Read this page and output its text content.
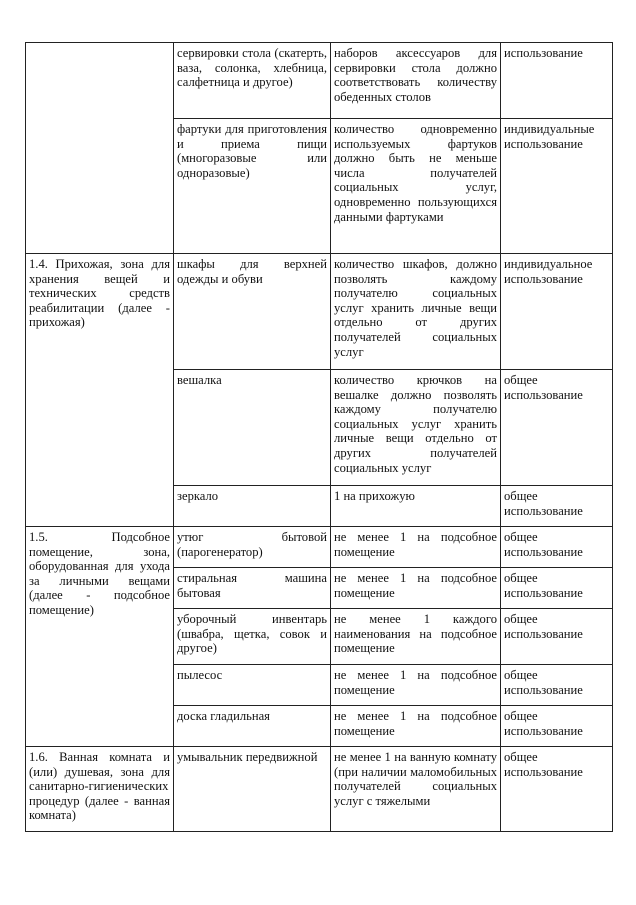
	сервировки стола (скатерть, ваза, солонка, хлебница, салфетница и другое)	наборов аксессуаров для сервировки стола должно соответствовать количеству обеденных столов	использование
	фартуки для приготовления и приема пищи (многоразовые или одноразовые)	количество одновременно используемых фартуков должно быть не меньше числа получателей социальных услуг, одновременно пользующихся данными фартуками	индивидуальные использование
1.4. Прихожая, зона для хранения вещей и технических средств реабилитации (далее - прихожая)	шкафы для верхней одежды и обуви	количество шкафов, должно позволять каждому получателю социальных услуг хранить личные вещи отдельно от других получателей социальных услуг	индивидуальное использование
	вешалка	количество крючков на вешалке должно позволять каждому получателю социальных услуг хранить личные вещи отдельно от других получателей социальных услуг	общее использование
	зеркало	1 на прихожую	общее использование
1.5. Подсобное помещение, зона, оборудованная для ухода за личными вещами (далее - подсобное помещение)	утюг бытовой (парогенератор)	не менее 1 на подсобное помещение	общее использование
	стиральная машина бытовая	не менее 1 на подсобное помещение	общее использование
	уборочный инвентарь (швабра, щетка, совок и другое)	не менее 1 каждого наименования на подсобное помещение	общее использование
	пылесос	не менее 1 на подсобное помещение	общее использование
	доска гладильная	не менее 1 на подсобное помещение	общее использование
1.6. Ванная комната и (или) душевая, зона для санитарно-гигиенических процедур (далее - ванная комната)	умывальник передвижной	не менее 1 на ванную комнату (при наличии маломобильных получателей социальных услуг с тяжелыми	общее использование
